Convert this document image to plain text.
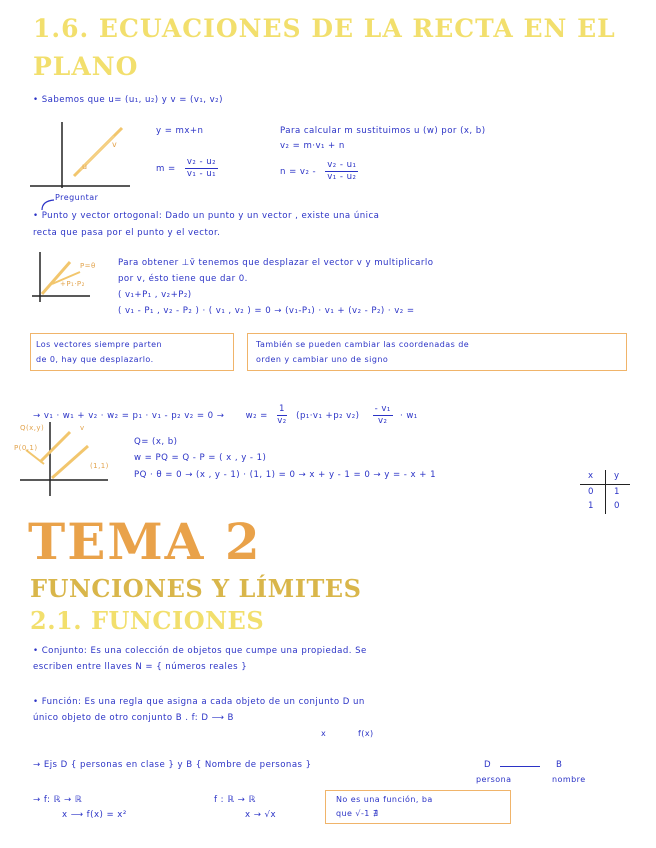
1.6. ECUACIONES DE LA RECTA EN EL
PLANO
• Sabemos que u= (u₁, u₂) y v = (v₁, v₂)
u
v
y = mx+n
$m = \frac{\text{v₂ - u₂}}{\text{v₁ - u₁}}$
Para calcular m sustituimos u (w) por (x, b)
v₂ = m·v₁ + n
$n = v_2 - \frac{\text{v₂ - u₁}}{\text{v₁ - u₂}}$
Preguntar
• Punto y vector ortogonal: Dado un punto y un vector , existe una única
recta que pasa por el punto y el vector.
P=θ
+P₁·P₂
Para obtener ⊥v̄ tenemos que desplazar el vector v y multiplicarlo
por v, ésto tiene que dar 0.
( v₁+P₁ , v₂+P₂)
( v₁ - P₁ , v₂ - P₂ ) · ( v₁ , v₂ ) = 0 → (v₁-P₁) · v₁ + (v₂ - P₂) · v₂ =
Los vectores siempre parten
de 0, hay que desplazarlo.
También se pueden cambiar las coordenadas de
orden y cambiar uno de signo
→ v₁ · w₁ + v₂ · w₂ = p₁ · v₁ - p₂ $v_2 = 0 \to w_2 = \frac{1}{\text{v₂}} (p_1\cdot v_1 +p_2$ $v_2) \frac{\text{- v₁}}{\text{v₂}} \cdot w_1$
Q(x,y)
P(0,1)
(1,1)
v
Q= (x, b)
w = PQ = Q - P = ( x , y - 1)
PQ · θ = 0 → (x , y - 1) · (1, 1) = 0 → x + y - 1 = 0 → y = - x + 1	x y
0 1
1 0
TEMA 2
FUNCIONES Y LÍMITES
2.1. FUNCIONES
• Conjunto: Es una colección de objetos que cumpe una propiedad. Se
escriben entre llaves N = { números reales }
• Función: Es una regla que asigna a cada objeto de un conjunto D un
único objeto de otro conjunto B . f: D ⟶ B
x	f(x)
→ Ejs D { personas en clase } y B { Nombre de personas }	D	B
persona	nombre
→ f: ℝ → ℝ
x ⟶ f(x) = x²
f : ℝ → ℝ
x → √x
No es una función, ba
que √-1 ∄
